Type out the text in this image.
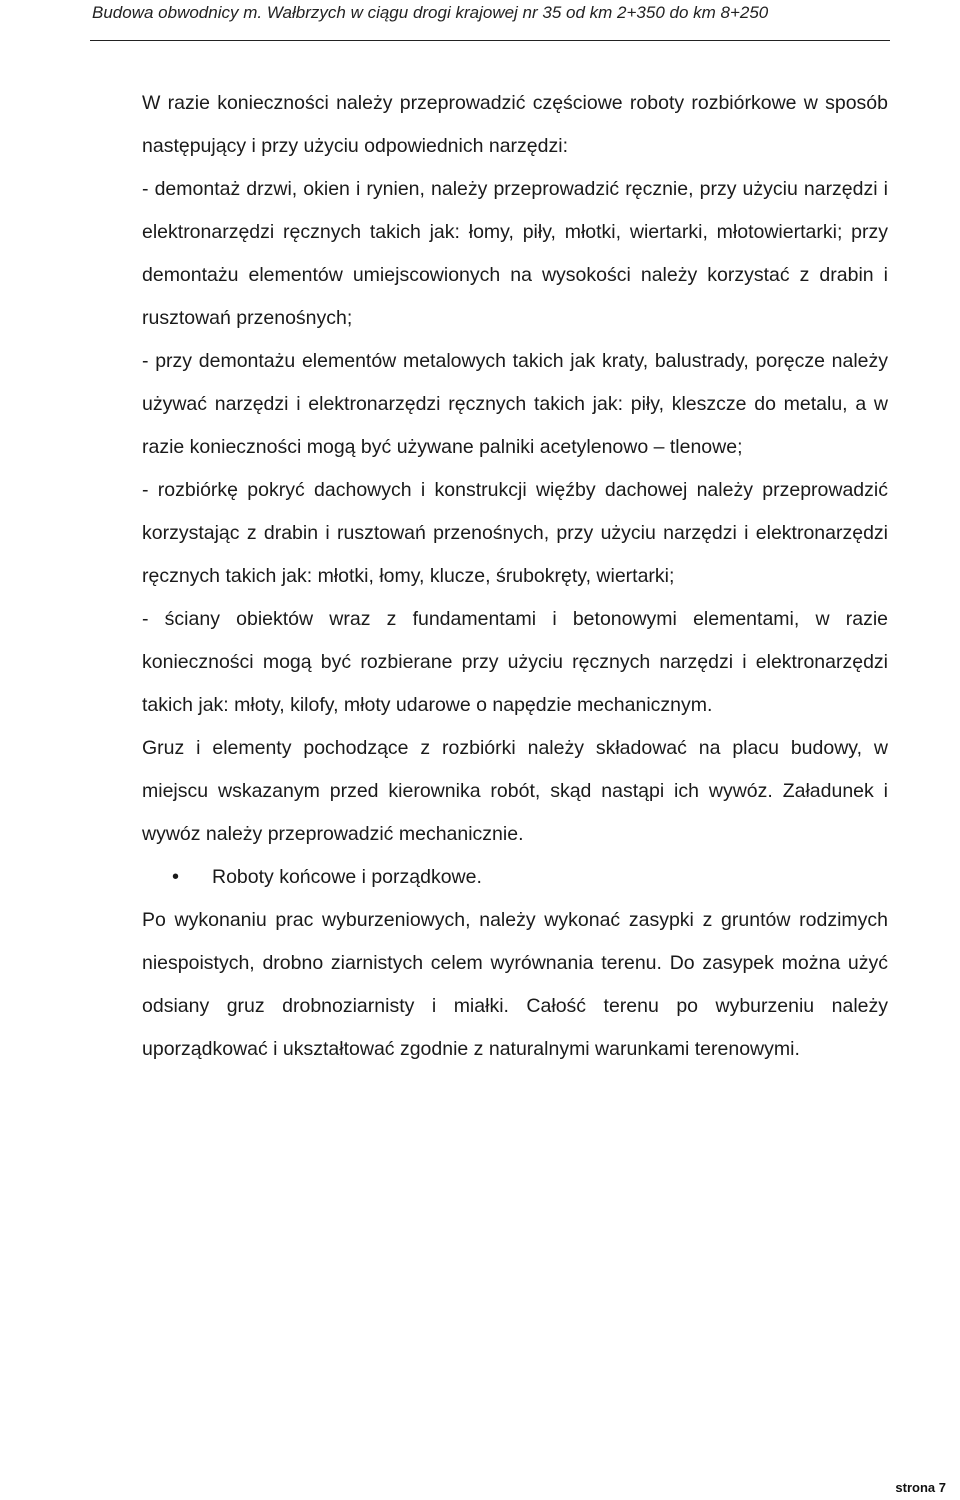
Budowa obwodnicy m. Wałbrzych w ciągu drogi krajowej nr 35 od km 2+350 do km 8+250

W razie konieczności należy przeprowadzić częściowe roboty rozbiórkowe w sposób następujący i przy użyciu odpowiednich narzędzi:

- demontaż drzwi, okien i rynien, należy przeprowadzić ręcznie, przy użyciu narzędzi i elektronarzędzi ręcznych takich jak: łomy, piły, młotki, wiertarki, młotowiertarki; przy demontażu elementów umiejscowionych na wysokości należy korzystać z drabin i rusztowań przenośnych;

- przy demontażu elementów metalowych takich jak kraty, balustrady, poręcze należy używać narzędzi i elektronarzędzi ręcznych takich jak: piły, kleszcze do metalu, a w razie konieczności mogą być używane palniki acetylenowo – tlenowe;

- rozbiórkę pokryć dachowych i konstrukcji więźby dachowej należy przeprowadzić korzystając z drabin i rusztowań przenośnych, przy użyciu narzędzi i elektronarzędzi ręcznych takich jak: młotki, łomy, klucze, śrubokręty, wiertarki;

- ściany obiektów wraz z fundamentami i betonowymi elementami, w razie konieczności mogą być rozbierane przy użyciu ręcznych narzędzi i elektronarzędzi takich jak: młoty, kilofy, młoty udarowe o napędzie mechanicznym.

Gruz i elementy pochodzące z rozbiórki należy składować na placu budowy, w miejscu wskazanym przed kierownika robót, skąd nastąpi ich wywóz. Załadunek i wywóz należy przeprowadzić mechanicznie.

• Roboty końcowe i porządkowe.

Po wykonaniu prac wyburzeniowych, należy wykonać zasypki z gruntów rodzimych niespoistych, drobno ziarnistych celem wyrównania terenu. Do zasypek można użyć odsiany gruz drobnoziarnisty i miałki. Całość terenu po wyburzeniu należy uporządkować i ukształtować zgodnie z naturalnymi warunkami terenowymi.

strona 7
